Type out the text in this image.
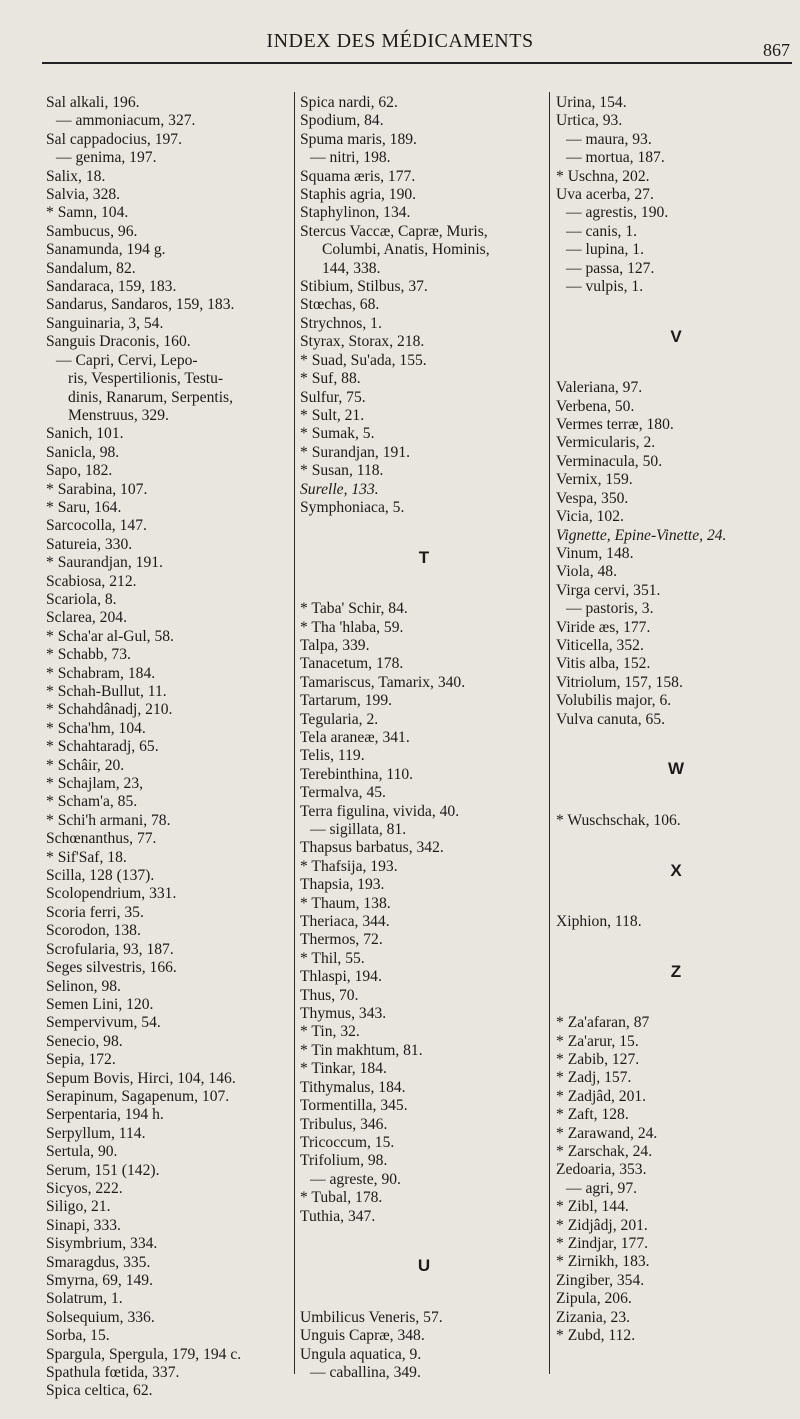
INDEX DES MÉDICAMENTS	867
Sal alkali, 196.
— ammoniacum, 327.
Sal cappadocius, 197.
— genima, 197.
Salix, 18.
Salvia, 328.
* Samn, 104.
Sambucus, 96.
Sanamunda, 194 g.
Sandalum, 82.
Sandaraca, 159, 183.
Sandarus, Sandaros, 159, 183.
Sanguinaria, 3, 54.
Sanguis Draconis, 160.
— Capri, Cervi, Lepo-
ris, Vespertilionis, Testu-
dinis, Ranarum, Serpentis,
Menstruus, 329.
Sanich, 101.
Sanicla, 98.
Sapo, 182.
* Sarabina, 107.
* Saru, 164.
Sarcocolla, 147.
Satureia, 330.
* Saurandjan, 191.
Scabiosa, 212.
Scariola, 8.
Sclarea, 204.
* Scha'ar al-Gul, 58.
* Schabb, 73.
* Schabram, 184.
* Schah-Bullut, 11.
* Schahdânadj, 210.
* Scha'hm, 104.
* Schahtaradj, 65.
* Schâir, 20.
* Schajlam, 23,
* Scham'a, 85.
* Schi'h armani, 78.
Schœnanthus, 77.
* Sif'Saf, 18.
Scilla, 128 (137).
Scolopendrium, 331.
Scoria ferri, 35.
Scorodon, 138.
Scrofularia, 93, 187.
Seges silvestris, 166.
Selinon, 98.
Semen Lini, 120.
Sempervivum, 54.
Senecio, 98.
Sepia, 172.
Sepum Bovis, Hirci, 104, 146.
Serapinum, Sagapenum, 107.
Serpentaria, 194 h.
Serpyllum, 114.
Sertula, 90.
Serum, 151 (142).
Sicyos, 222.
Siligo, 21.
Sinapi, 333.
Sisymbrium, 334.
Smaragdus, 335.
Smyrna, 69, 149.
Solatrum, 1.
Solsequium, 336.
Sorba, 15.
Spargula, Spergula, 179, 194 c.
Spathula fœtida, 337.
Spica celtica, 62.
Spica nardi, 62.
Spodium, 84.
Spuma maris, 189.
— nitri, 198.
Squama æris, 177.
Staphis agria, 190.
Staphylinon, 134.
Stercus Vaccæ, Capræ, Muris,
Columbi, Anatis, Hominis,
144, 338.
Stibium, Stilbus, 37.
Stœchas, 68.
Strychnos, 1.
Styrax, Storax, 218.
* Suad, Su'ada, 155.
* Suf, 88.
Sulfur, 75.
* Sult, 21.
* Sumak, 5.
* Surandjan, 191.
* Susan, 118.
Surelle, 133.
Symphoniaca, 5.
T
* Taba' Schir, 84.
* Tha 'hlaba, 59.
Talpa, 339.
Tanacetum, 178.
Tamariscus, Tamarix, 340.
Tartarum, 199.
Tegularia, 2.
Tela araneæ, 341.
Telis, 119.
Terebinthina, 110.
Termalva, 45.
Terra figulina, vivida, 40.
— sigillata, 81.
Thapsus barbatus, 342.
* Thafsija, 193.
Thapsia, 193.
* Thaum, 138.
Theriaca, 344.
Thermos, 72.
* Thil, 55.
Thlaspi, 194.
Thus, 70.
Thymus, 343.
* Tin, 32.
* Tin makhtum, 81.
* Tinkar, 184.
Tithymalus, 184.
Tormentilla, 345.
Tribulus, 346.
Tricoccum, 15.
Trifolium, 98.
— agreste, 90.
* Tubal, 178.
Tuthia, 347.
U
Umbilicus Veneris, 57.
Unguis Capræ, 348.
Ungula aquatica, 9.
— caballina, 349.
Urina, 154.
Urtica, 93.
— maura, 93.
— mortua, 187.
* Uschna, 202.
Uva acerba, 27.
— agrestis, 190.
— canis, 1.
— lupina, 1.
— passa, 127.
— vulpis, 1.
V
Valeriana, 97.
Verbena, 50.
Vermes terræ, 180.
Vermicularis, 2.
Verminacula, 50.
Vernix, 159.
Vespa, 350.
Vicia, 102.
Vignette, Epine-Vinette, 24.
Vinum, 148.
Viola, 48.
Virga cervi, 351.
— pastoris, 3.
Viride æs, 177.
Viticella, 352.
Vitis alba, 152.
Vitriolum, 157, 158.
Volubilis major, 6.
Vulva canuta, 65.
W
* Wuschschak, 106.
X
Xiphion, 118.
Z
* Za'afaran, 87
* Za'arur, 15.
* Zabib, 127.
* Zadj, 157.
* Zadjâd, 201.
* Zaft, 128.
* Zarawand, 24.
* Zarschak, 24.
Zedoaria, 353.
— agri, 97.
* Zibl, 144.
* Zidjâdj, 201.
* Zindjar, 177.
* Zirnikh, 183.
Zingiber, 354.
Zipula, 206.
Zizania, 23.
* Zubd, 112.
